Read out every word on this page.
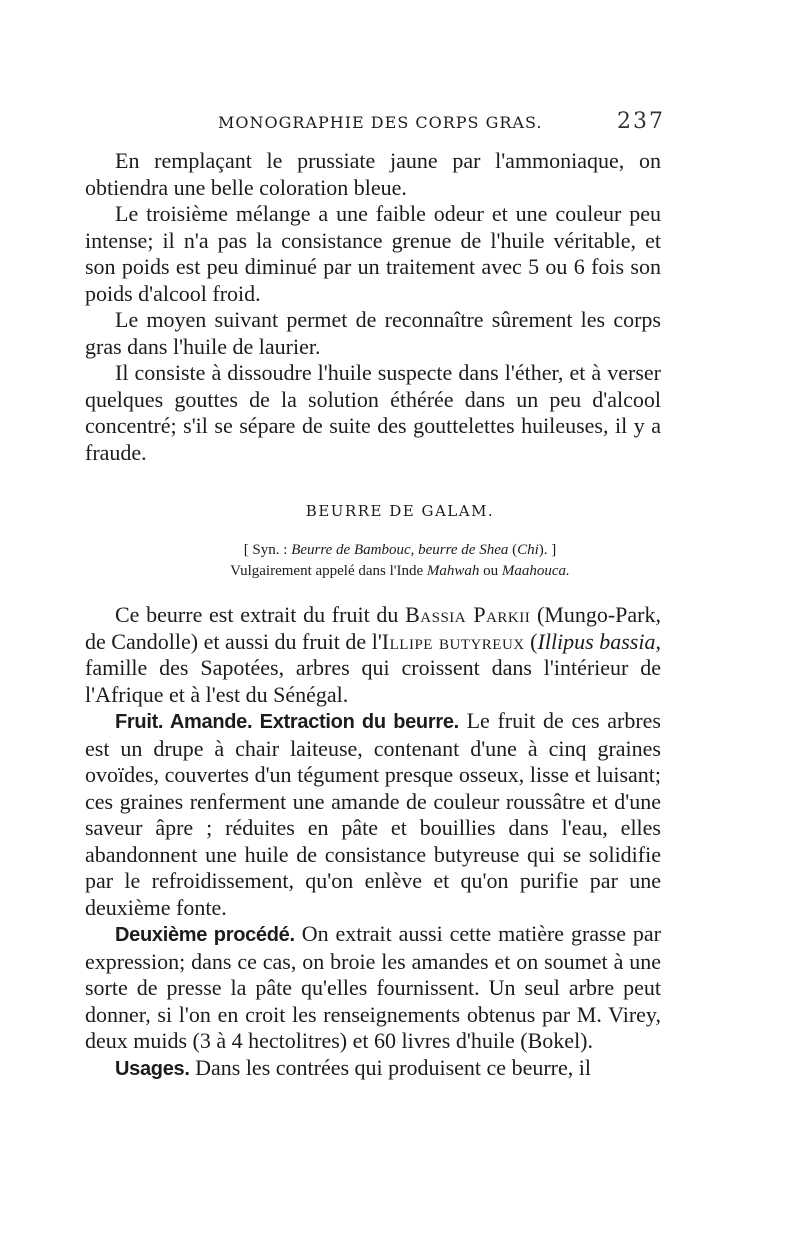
MONOGRAPHIE DES CORPS GRAS.	237

En remplaçant le prussiate jaune par l'ammoniaque, on obtiendra une belle coloration bleue.

Le troisième mélange a une faible odeur et une couleur peu intense; il n'a pas la consistance grenue de l'huile véritable, et son poids est peu diminué par un traitement avec 5 ou 6 fois son poids d'alcool froid.

Le moyen suivant permet de reconnaître sûrement les corps gras dans l'huile de laurier.

Il consiste à dissoudre l'huile suspecte dans l'éther, et à verser quelques gouttes de la solution éthérée dans un peu d'alcool concentré; s'il se sépare de suite des gouttelettes huileuses, il y a fraude.

BEURRE DE GALAM.
[ Syn. : Beurre de Bambouc, beurre de Shea (Chi). ]
Vulgairement appelé dans l'Inde Mahwah ou Maahouca.

Ce beurre est extrait du fruit du Bassia Parkii (Mungo-Park, de Candolle) et aussi du fruit de l'Illipe butyreux (Illipus bassia, famille des Sapotées, arbres qui croissent dans l'intérieur de l'Afrique et à l'est du Sénégal.

Fruit. Amande. Extraction du beurre. Le fruit de ces arbres est un drupe à chair laiteuse, contenant d'une à cinq graines ovoïdes, couvertes d'un tégument presque osseux, lisse et luisant; ces graines renferment une amande de couleur roussâtre et d'une saveur âpre ; réduites en pâte et bouillies dans l'eau, elles abandonnent une huile de consistance butyreuse qui se solidifie par le refroidissement, qu'on enlève et qu'on purifie par une deuxième fonte.

Deuxième procédé. On extrait aussi cette matière grasse par expression; dans ce cas, on broie les amandes et on soumet à une sorte de presse la pâte qu'elles fournissent. Un seul arbre peut donner, si l'on en croit les renseignements obtenus par M. Virey, deux muids (3 à 4 hectolitres) et 60 livres d'huile (Bokel).

Usages. Dans les contrées qui produisent ce beurre, il
